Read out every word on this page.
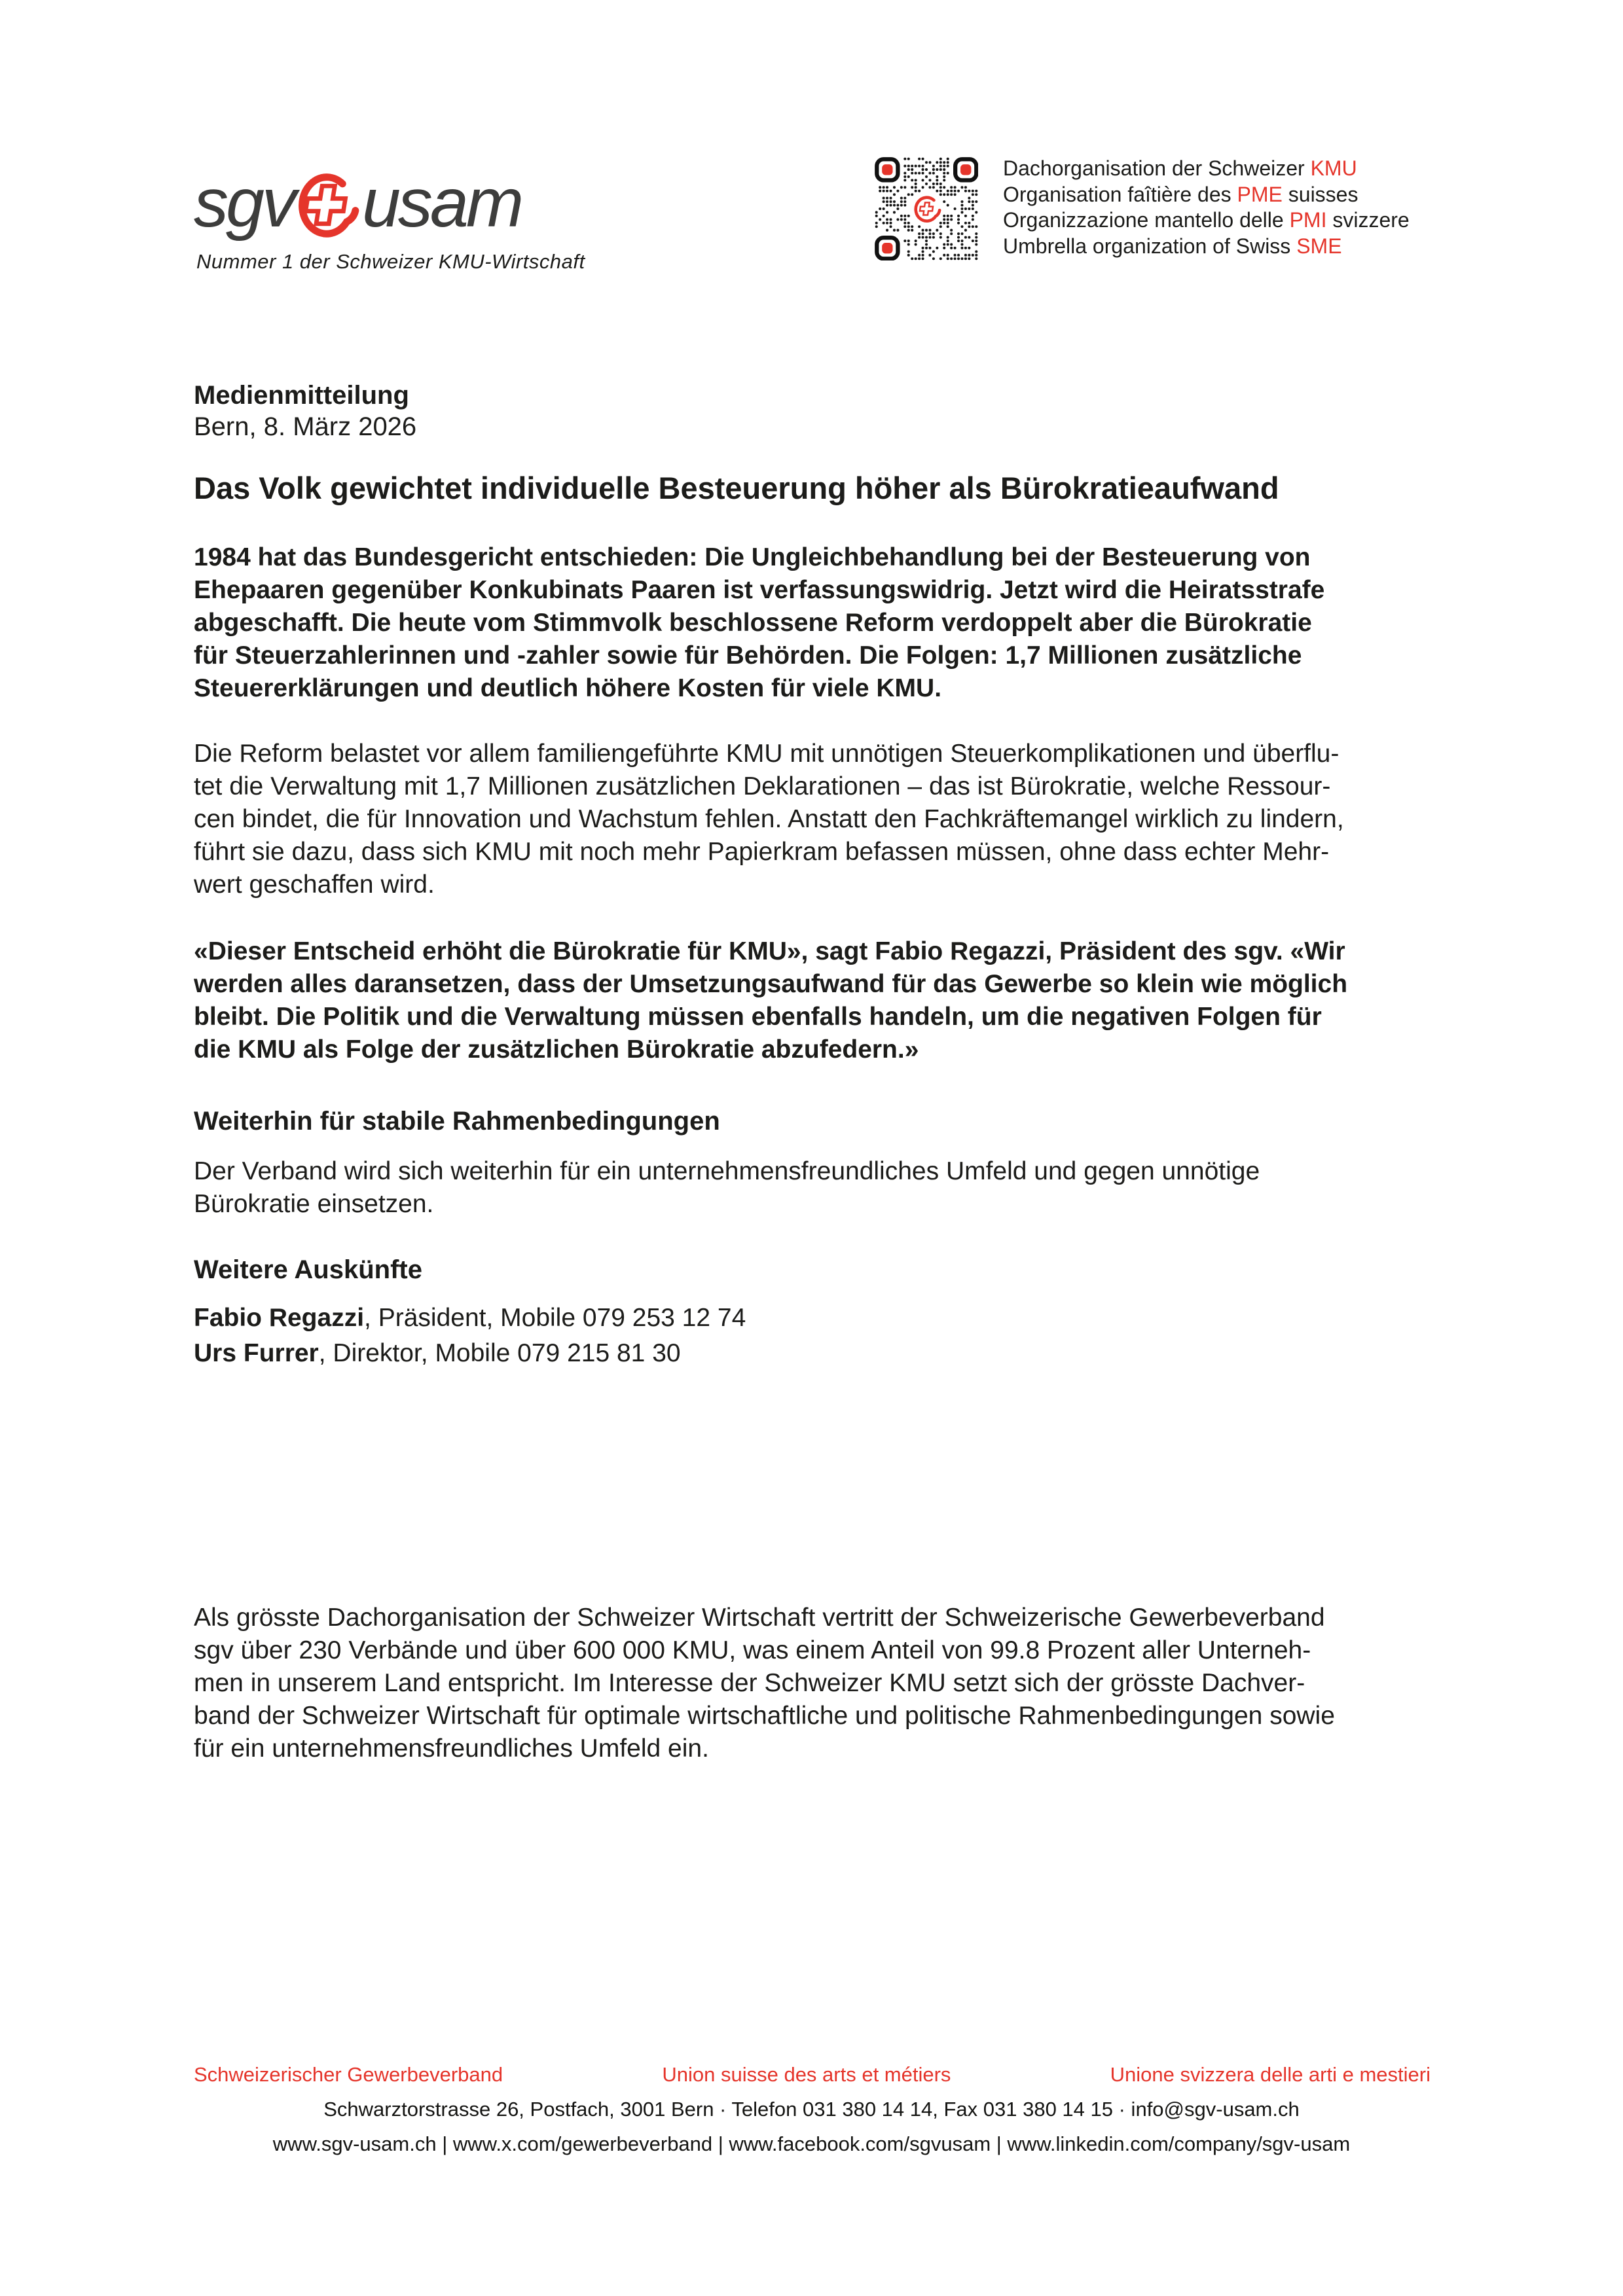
sgv usam
Nummer 1 der Schweizer KMU-Wirtschaft
Dachorganisation der Schweizer KMU
Organisation faîtière des PME suisses
Organizzazione mantello delle PMI svizzere
Umbrella organization of Swiss SME
Medienmitteilung
Bern, 8. März 2026
Das Volk gewichtet individuelle Besteuerung höher als Bürokratieaufwand

1984 hat das Bundesgericht entschieden: Die Ungleichbehandlung bei der Besteuerung von
Ehepaaren gegenüber Konkubinats Paaren ist verfassungswidrig. Jetzt wird die Heiratsstrafe
abgeschafft. Die heute vom Stimmvolk beschlossene Reform verdoppelt aber die Bürokratie
für Steuerzahlerinnen und -zahler sowie für Behörden. Die Folgen: 1,7 Millionen zusätzliche
Steuererklärungen und deutlich höhere Kosten für viele KMU.

Die Reform belastet vor allem familiengeführte KMU mit unnötigen Steuerkomplikationen und überflu-
tet die Verwaltung mit 1,7 Millionen zusätzlichen Deklarationen – das ist Bürokratie, welche Ressour-
cen bindet, die für Innovation und Wachstum fehlen. Anstatt den Fachkräftemangel wirklich zu lindern,
führt sie dazu, dass sich KMU mit noch mehr Papierkram befassen müssen, ohne dass echter Mehr-
wert geschaffen wird.

«Dieser Entscheid erhöht die Bürokratie für KMU», sagt Fabio Regazzi, Präsident des sgv. «Wir
werden alles daransetzen, dass der Umsetzungsaufwand für das Gewerbe so klein wie möglich
bleibt. Die Politik und die Verwaltung müssen ebenfalls handeln, um die negativen Folgen für
die KMU als Folge der zusätzlichen Bürokratie abzufedern.»

Weiterhin für stabile Rahmenbedingungen

Der Verband wird sich weiterhin für ein unternehmensfreundliches Umfeld und gegen unnötige
Bürokratie einsetzen.

Weitere Auskünfte
Fabio Regazzi, Präsident, Mobile 079 253 12 74
Urs Furrer, Direktor, Mobile 079 215 81 30

Als grösste Dachorganisation der Schweizer Wirtschaft vertritt der Schweizerische Gewerbeverband
sgv über 230 Verbände und über 600 000 KMU, was einem Anteil von 99.8 Prozent aller Unterneh-
men in unserem Land entspricht. Im Interesse der Schweizer KMU setzt sich der grösste Dachver-
band der Schweizer Wirtschaft für optimale wirtschaftliche und politische Rahmenbedingungen sowie
für ein unternehmensfreundliches Umfeld ein.

Schweizerischer Gewerbeverband	Union suisse des arts et métiers	Unione svizzera delle arti e mestieri
Schwarztorstrasse 26, Postfach, 3001 Bern · Telefon 031 380 14 14, Fax 031 380 14 15 · info@sgv-usam.ch
www.sgv-usam.ch | www.x.com/gewerbeverband | www.facebook.com/sgvusam | www.linkedin.com/company/sgv-usam
